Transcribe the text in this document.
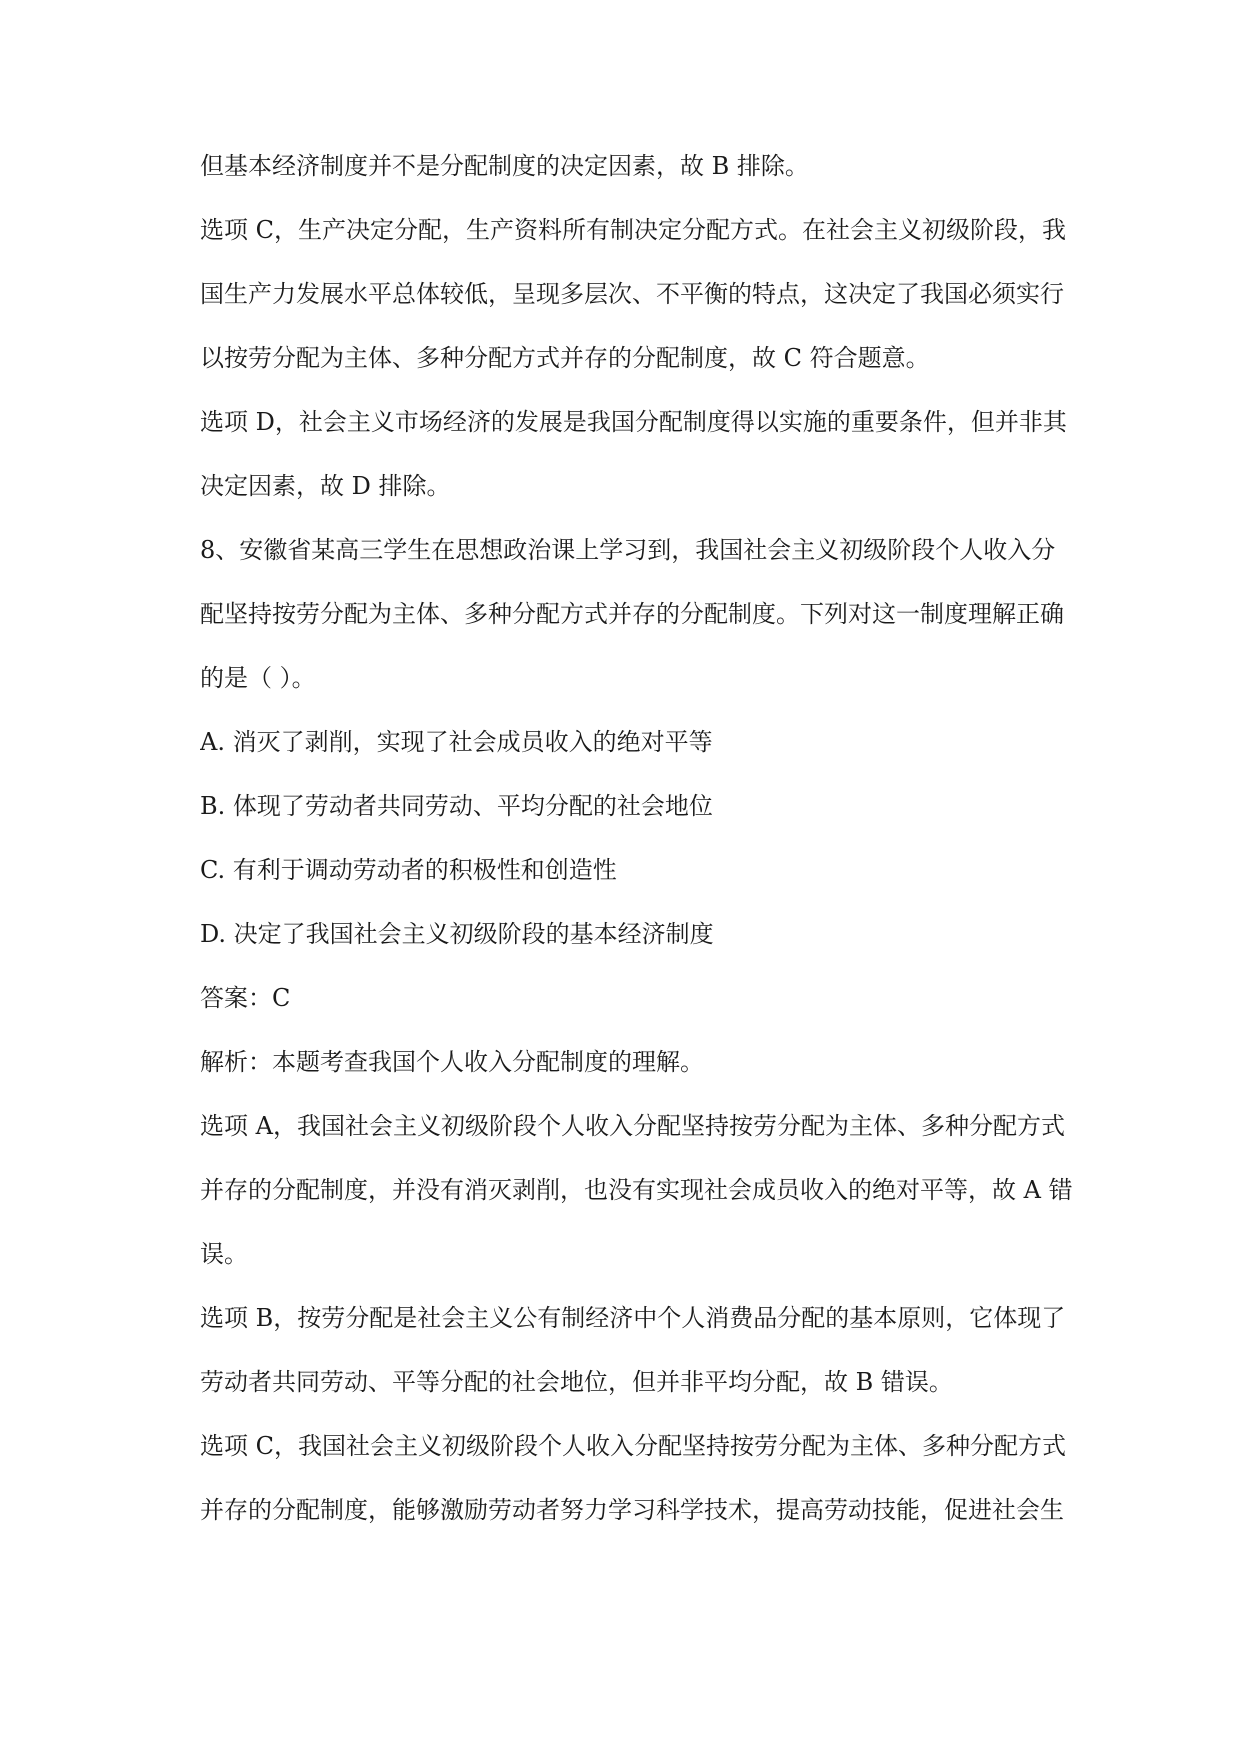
但基本经济制度并不是分配制度的决定因素，故 B 排除。
选项 C，生产决定分配，生产资料所有制决定分配方式。在社会主义初级阶段，我
国生产力发展水平总体较低，呈现多层次、不平衡的特点，这决定了我国必须实行
以按劳分配为主体、多种分配方式并存的分配制度，故 C 符合题意。
选项 D，社会主义市场经济的发展是我国分配制度得以实施的重要条件，但并非其
决定因素，故 D 排除。
8、安徽省某高三学生在思想政治课上学习到，我国社会主义初级阶段个人收入分
配坚持按劳分配为主体、多种分配方式并存的分配制度。下列对这一制度理解正确
的是（ ）。
A. 消灭了剥削，实现了社会成员收入的绝对平等
B. 体现了劳动者共同劳动、平均分配的社会地位
C. 有利于调动劳动者的积极性和创造性
D. 决定了我国社会主义初级阶段的基本经济制度
答案：C
解析：本题考查我国个人收入分配制度的理解。
选项 A，我国社会主义初级阶段个人收入分配坚持按劳分配为主体、多种分配方式
并存的分配制度，并没有消灭剥削，也没有实现社会成员收入的绝对平等，故 A 错
误。
选项 B，按劳分配是社会主义公有制经济中个人消费品分配的基本原则，它体现了
劳动者共同劳动、平等分配的社会地位，但并非平均分配，故 B 错误。
选项 C，我国社会主义初级阶段个人收入分配坚持按劳分配为主体、多种分配方式
并存的分配制度，能够激励劳动者努力学习科学技术，提高劳动技能，促进社会生
